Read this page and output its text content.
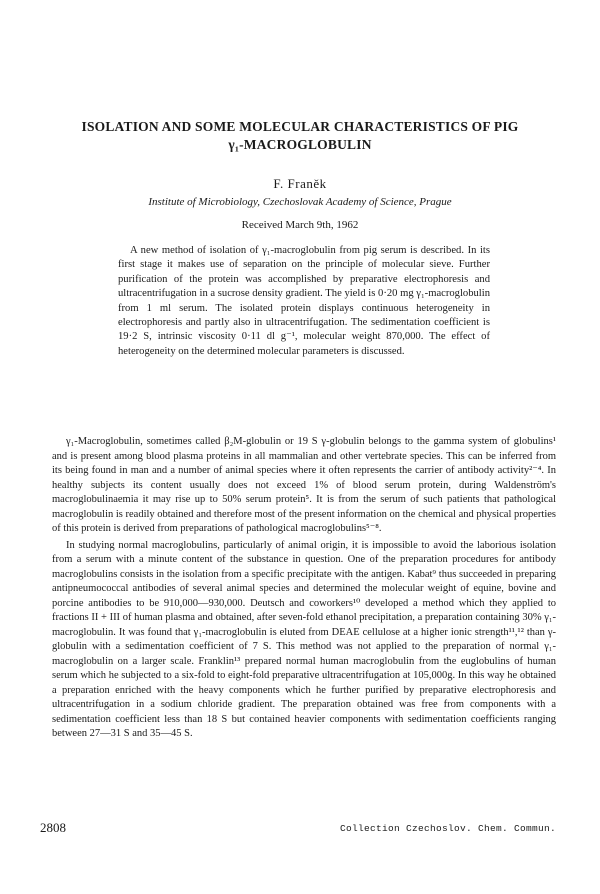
ISOLATION AND SOME MOLECULAR CHARACTERISTICS OF PIG
γ₁-MACROGLOBULIN
F. Franěk
Institute of Microbiology, Czechoslovak Academy of Science, Prague
Received March 9th, 1962

A new method of isolation of γ₁-macroglobulin from pig serum is described. In its first stage it makes use of separation on the principle of molecular sieve. Further purification of the protein was accomplished by preparative electrophoresis and ultracentrifugation in a sucrose density gradient. The yield is 0·20 mg γ₁-macroglobulin from 1 ml serum. The isolated protein displays continuous heterogeneity in electrophoresis and partly also in ultracentrifugation. The sedimentation coefficient is 19·2 S, intrinsic viscosity 0·11 dl g⁻¹, molecular weight 870,000. The effect of heterogeneity on the determined molecular parameters is discussed.

γ₁-Macroglobulin, sometimes called β₂M-globulin or 19 S γ-globulin belongs to the gamma system of globulins¹ and is present among blood plasma proteins in all mammalian and other vertebrate species. This can be inferred from its being found in man and a number of animal species where it often represents the carrier of antibody activity²⁻⁴. In healthy subjects its content usually does not exceed 1% of blood serum protein, during Waldenström's macroglobulinaemia it may rise up to 50% serum protein⁵. It is from the serum of such patients that pathological macroglobulin is readily obtained and therefore most of the present information on the chemical and physical properties of this protein is derived from preparations of pathological macroglobulins⁵⁻⁸.

In studying normal macroglobulins, particularly of animal origin, it is impossible to avoid the laborious isolation from a serum with a minute content of the substance in question. One of the preparation procedures for antibody macroglobulins consists in the isolation from a specific precipitate with the antigen. Kabat⁹ thus succeeded in preparing antipneumococcal antibodies of several animal species and determined the molecular weight of equine, bovine and porcine antibodies to be 910,000—930,000. Deutsch and coworkers¹⁰ developed a method which they applied to fractions II + III of human plasma and obtained, after seven-fold ethanol precipitation, a preparation containing 30% γ₁-macroglobulin. It was found that γ₁-macroglobulin is eluted from DEAE cellulose at a higher ionic strength¹¹,¹² than γ-globulin with a sedimentation coefficient of 7 S. This method was not applied to the preparation of normal γ₁-macroglobulin on a larger scale. Franklin¹³ prepared normal human macroglobulin from the euglobulins of human serum which he subjected to a six-fold to eight-fold preparative ultracentrifugation at 105,000g. In this way he obtained a preparation enriched with the heavy components which he further purified by preparative electrophoresis and ultracentrifugation in a sodium chloride gradient. The preparation obtained was free from components with a sedimentation coefficient less than 18 S but contained heavier components with sedimentation coefficients ranging between 27—31 S and 35—45 S.

2808	Collection Czechoslov. Chem. Commun.
